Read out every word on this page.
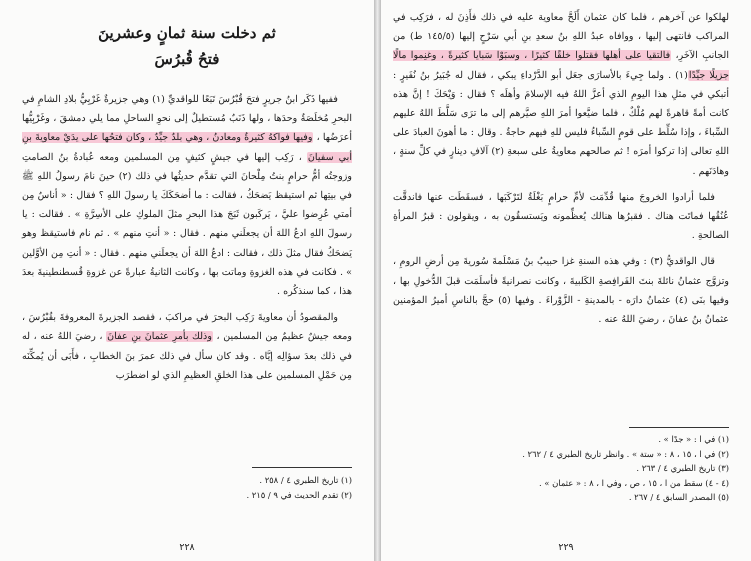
ثم دخلت سنة ثمانٍ وعشرينَ
فتحُ قُبرُسَ

ففيها ذَكَر ابنُ جريرٍ فتحَ قُبْرُسَ تَبَعًا للواقديِّ (١) وهي جزيرةٌ غَرْبِيُّ بلادِ الشامِ في البحرِ مُخلَصَةٌ وحدَها ، ولها ذَنَبٌ مُستطيلٌ إلى نحوِ الساحلِ مما يلي دمشقَ ، وغَرْبِيُّها أعرَضُها ، وفيها فواكهُ كثيرةٌ ومعادنُ ، وهي بلدٌ جيِّدٌ ، وكان فتحُها على يدَيْ معاويةَ بنِ أبي سفيانَ ، رَكِب إليها في جيشٍ كثيفٍ مِن المسلمين ومعه عُبادةُ بنُ الصامتِ وزوجتُه أمُّ حرامٍ بنتُ مِلْحانَ التي تقدَّم حديثُها في ذلك (٢) حينَ نامَ رسولُ اللهِ ﷺ في بيتِها ثم استيقظ يَضحَكُ ، فقالت : ما أضحَكَكَ يا رسولَ اللهِ ؟ فقال : « أناسٌ مِن أمتي عُرِضوا عليَّ ، يَركَبون ثَبَجَ هذا البحرِ مثلَ الملوكِ على الأسِرَّةِ » . فقالت : يا رسولَ اللهِ ادعُ اللهَ أن يجعلَني منهم . فقال : « أنتِ منهم » . ثم نام فاستيقظ وهو يَضحَكُ فقال مثلَ ذلك ، فقالت : ادعُ اللهَ أن يجعلَني منهم . فقال : « أنتِ مِن الأوَّلين » . فكانت في هذه الغزوةِ وماتت بها ، وكانت الثانيةُ عبارةً عن غزوةِ قُسطنطينيةَ بعدَ هذا ، كما سنذكُره .

والمقصودُ أن معاويةَ رَكِب البحرَ في مراكبَ ، فقصد الجزيرةَ المعروفةَ بقُبْرُسَ ، ومعه جيشٌ عظيمٌ مِن المسلمين ، وذلك بأمرِ عثمانَ بنِ عفانَ ، رضيَ اللهُ عنه ، له في ذلك بعدَ سؤالِه إيَّاه . وقد كان سأل في ذلك عمرَ بنَ الخطابِ ، فأَبَى أن يُمكِّنَه مِن حَمْلِ المسلمين على هذا الخلقِ العظيمِ الذي لو اضطرَب

(١) تاريخ الطبري ٤ / ٢٥٨ .
(٢) تقدم الحديث في ٩ / ٢١٥ .
٢٢٨

لهلكوا عن آخرهم ، فلما كان عثمان أَلَحَّ معاوية عليه في ذلك فأَذِنَ له ، فرَكِب في المراكب فانتهى إليها ، ووافاه عبدُ اللهِ بنُ سعدِ بنِ أبي سَرْحٍ إليها (١٤٥/٥ ط) من الجانبِ الآخَرِ، فالتقيا على أهلها فقتلوا خلقًا كثيرًا ، وسبَوْا سَبايا كثيرةً ، وغنِموا مالًا جزيلًا جيِّدًا(١) . ولما جِيءَ بالأسارَى جعَل أبو الدَّرْداءِ يبكي ، فقال له جُبَيرُ بنُ نُفَيرٍ : أتبكي في مثلِ هذا اليومِ الذي أعزَّ اللهُ فيه الإسلامَ وأهلَه ؟ فقال : وَيْحَكَ ! إنَّ هذه كانت أمةً قاهرةً لهم مُلْكٌ ، فلما ضيَّعوا أمرَ اللهِ صيَّرهم إلى ما ترَى سَلَّطَ اللهُ عليهم السِّباءَ ، وإذا سُلِّط على قومٍ السِّباءُ فليس للهِ فيهم حاجةٌ . وقال : ما أهونَ العبادَ على اللهِ تعالى إذا تركوا أمرَه ! ثم صالحهم معاويةُ على سبعةِ (٢) آلافِ دينارٍ في كلِّ سنةٍ ، وهادَنَهم .

فلما أرادوا الخروجَ منها قُدِّمَت لأمِّ حرامٍ بَغْلَةٌ لتَرْكَبَها ، فسقَطَت عنها فاندقَّت عُنُقُها فماتَت هناك . فقبرُها هنالك يُعظِّمونه ويَستسقُون به ، ويقولون : قبرُ المرأةِ الصالحةِ .

قال الواقديُّ (٣) : وفي هذه السنةِ غزا حبيبُ بنُ مَسْلَمةَ سُوريةَ مِن أرضِ الرومِ ، وتزوَّج عثمانُ نائلةَ بنتَ الفَرافِصةِ الكَلبيةَ ، وكانت نصرانيةً فأسلَمَت قبلَ الدُّخولِ بها ، وفيها بنَى (٤) عثمانُ دارَه - بالمدينةِ - الزَّوْراءَ . وفيها (٥) حجَّ بالناسِ أميرُ المؤمنين عثمانُ بنُ عفانَ ، رضيَ اللهُ عنه .

(١) في ا : « جدًا » .
(٢) في ا ، ١٥ ، ٨ : « ستة » . وانظر تاريخ الطبري ٤ / ٢٦٢ .
(٣) تاريخ الطبري ٤ / ٢٦٣ .
(٤ - ٤) سقط من ا ، ١٥ ، ص ، وفي ا ، ٨ : « عثمان » .
(٥) المصدر السابق ٤ / ٢٦٧ .
٢٢٩
